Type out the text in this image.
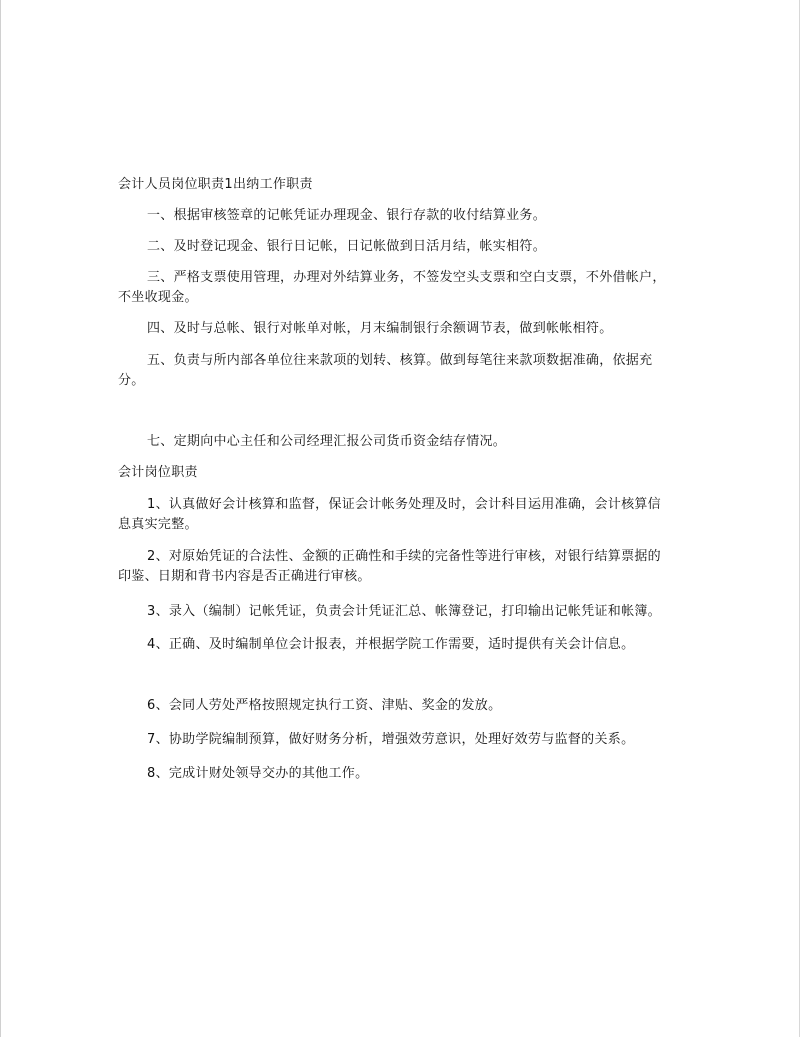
会计人员岗位职责1出纳工作职责
一、根据审核签章的记帐凭证办理现金、银行存款的收付结算业务。
二、及时登记现金、银行日记帐，日记帐做到日活月结，帐实相符。
三、严格支票使用管理，办理对外结算业务，不签发空头支票和空白支票，不外借帐户，
不坐收现金。
四、及时与总帐、银行对帐单对帐，月末编制银行余额调节表，做到帐帐相符。
五、负责与所内部各单位往来款项的划转、核算。做到每笔往来款项数据准确，依据充
分。
七、定期向中心主任和公司经理汇报公司货币资金结存情况。
会计岗位职责
1、认真做好会计核算和监督，保证会计帐务处理及时，会计科目运用准确，会计核算信
息真实完整。
2、对原始凭证的合法性、金额的正确性和手续的完备性等进行审核，对银行结算票据的
印鉴、日期和背书内容是否正确进行审核。
3、录入（编制）记帐凭证，负责会计凭证汇总、帐簿登记，打印输出记帐凭证和帐簿。
4、正确、及时编制单位会计报表，并根据学院工作需要，适时提供有关会计信息。
6、会同人劳处严格按照规定执行工资、津贴、奖金的发放。
7、协助学院编制预算，做好财务分析，增强效劳意识，处理好效劳与监督的关系。
8、完成计财处领导交办的其他工作。
